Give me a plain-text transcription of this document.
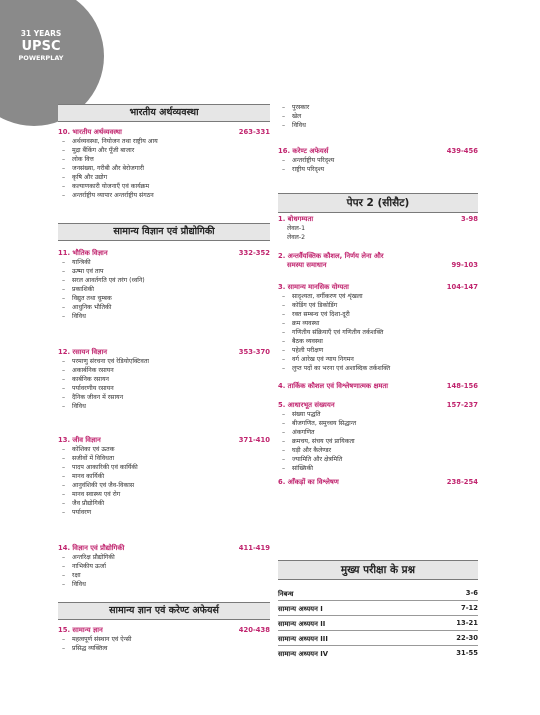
31 YEARS
UPSC
POWERPLAY
भारतीय अर्थव्यवस्था
10. भारतीय अर्थव्यवस्था	263-331
– अर्थव्यवस्था, नियोजन तथा राष्ट्रीय आय
– मुद्रा बैंकिंग और पूँजी बाजार
– लोक वित्त
– जनसंख्या, गरीबी और बेरोजगारी
– कृषि और उद्योग
– कल्याणकारी योजनाएँ एवं कार्यक्रम
– अन्तर्राष्ट्रीय व्यापार अन्तर्राष्ट्रीय संगठन
सामान्य विज्ञान एवं प्रौद्योगिकी
11. भौतिक विज्ञान	332-352
– यान्त्रिकी
– ऊष्मा एवं ताप
– सरल आवर्तगति एवं तरंग (ध्वनि)
– प्रकाशिकी
– विद्युत तथा चुम्बक
– आधुनिक भौतिकी
– विविध
12. रसायन विज्ञान	353-370
– परमाणु संरचना एवं रेडियोएक्टिवता
– अकार्बनिक रसायन
– कार्बनिक रसायन
– पर्यावरणीय रसायन
– दैनिक जीवन में रसायन
– विविध
13. जीव विज्ञान	371-410
– कोशिका एवं ऊतक
– सजीवों में विविधता
– पादप आकारिकी एवं कार्यिकी
– मानव कार्यिकी
– आनुवंशिकी एवं जैव-विकास
– मानव स्वास्थ्य एवं रोग
– जैव प्रौद्योगिकी
– पर्यावरण
14. विज्ञान एवं प्रौद्योगिकी	411-419
– अन्तरिक्ष प्रौद्योगिकी
– नाभिकीय ऊर्जा
– रक्षा
– विविध
सामान्य ज्ञान एवं करेण्ट अफेयर्स
15. सामान्य ज्ञान	420-438
– महत्वपूर्ण संस्थान एवं ऐन्सी
– प्रसिद्ध व्यक्तित्व
– पुरस्कार
– खेल
– विविध
16. करेण्ट अफेयर्स	439-456
– अन्तर्राष्ट्रीय परिदृश्य
– राष्ट्रीय परिदृश्य
पेपर 2 (सीसैट)
1. बोधगम्यता	3-98
लेवल-1
लेवल-2
2. अन्तर्वैयक्तिक कौशल, निर्णय लेना और
समस्या समाधान	99-103
3. सामान्य मानसिक योग्यता	104-147
– सादृश्यता, वर्गीकरण एवं शृंखला
– कोडिंग एवं डिकोडिंग
– रक्त सम्बन्ध एवं दिशा-दूरी
– क्रम व्यवस्था
– गणितीय संक्रियाएँ एवं गणितीय तर्कशक्ति
– बैठक व्यवस्था
– पहेली परीक्षण
– वर्ग आरेख एवं न्याय निगमन
– लुप्त पदों का भरना एवं अशाब्दिक तर्कशक्ति
4. तार्किक कौशल एवं विश्लेषणात्मक क्षमता	148-156
5. आधारभूत संख्ययन	157-237
– संख्या पद्धति
– बीजगणित, समुच्चय सिद्धान्त
– अंकगणित
– क्रमचय, संचय एवं प्रायिकता
– घड़ी और कैलेण्डर
– ज्यामिति और क्षेत्रमिति
– सांख्यिकी
6. आँकड़ों का विश्लेषण	238-254
मुख्य परीक्षा के प्रश्न
निबन्ध	3-6
सामान्य अध्ययन I	7-12
सामान्य अध्ययन II	13-21
सामान्य अध्ययन III	22-30
सामान्य अध्ययन IV	31-55
